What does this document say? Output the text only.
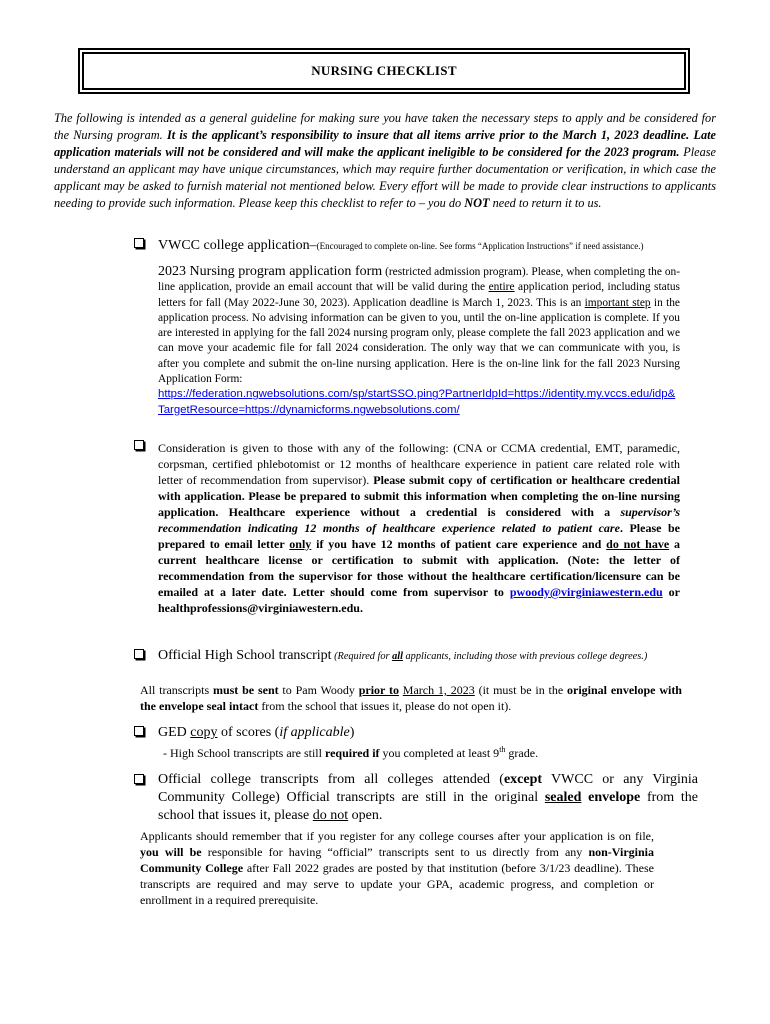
NURSING CHECKLIST
The following is intended as a general guideline for making sure you have taken the necessary steps to apply and be considered for the Nursing program. It is the applicant’s responsibility to insure that all items arrive prior to the March 1, 2023 deadline. Late application materials will not be considered and will make the applicant ineligible to be considered for the 2023 program. Please understand an applicant may have unique circumstances, which may require further documentation or verification, in which case the applicant may be asked to furnish material not mentioned below. Every effort will be made to provide clear instructions to applicants needing to provide such information. Please keep this checklist to refer to – you do NOT need to return it to us.
VWCC college application–(Encouraged to complete on-line. See forms “Application Instructions” if need assistance.)
2023 Nursing program application form (restricted admission program). Please, when completing the on-line application, provide an email account that will be valid during the entire application period, including status letters for fall (May 2022-June 30, 2023). Application deadline is March 1, 2023. This is an important step in the application process. No advising information can be given to you, until the on-line application is complete. If you are interested in applying for the fall 2024 nursing program only, please complete the fall 2023 application and we can move your academic file for fall 2024 consideration. The only way that we can communicate with you, is after you complete and submit the on-line nursing application. Here is the on-line link for the fall 2023 Nursing Application Form:
https://federation.ngwebsolutions.com/sp/startSSO.ping?PartnerIdpId=https://identity.my.vccs.edu/idp&TargetResource=https://dynamicforms.ngwebsolutions.com/
Consideration is given to those with any of the following: (CNA or CCMA credential, EMT, paramedic, corpsman, certified phlebotomist or 12 months of healthcare experience in patient care related role with letter of recommendation from supervisor). Please submit copy of certification or healthcare credential with application. Please be prepared to submit this information when completing the on-line nursing application. Healthcare experience without a credential is considered with a supervisor’s recommendation indicating 12 months of healthcare experience related to patient care. Please be prepared to email letter only if you have 12 months of patient care experience and do not have a current healthcare license or certification to submit with application. (Note: the letter of recommendation from the supervisor for those without the healthcare certification/licensure can be emailed at a later date. Letter should come from supervisor to pwoody@virginiawestern.edu or healthprofessions@virginiawestern.edu.
Official High School transcript (Required for all applicants, including those with previous college degrees.)
All transcripts must be sent to Pam Woody prior to March 1, 2023 (it must be in the original envelope with the envelope seal intact from the school that issues it, please do not open it).
GED copy of scores (if applicable)
- High School transcripts are still required if you completed at least 9th grade.
Official college transcripts from all colleges attended (except VWCC or any Virginia Community College) Official transcripts are still in the original sealed envelope from the school that issues it, please do not open.
Applicants should remember that if you register for any college courses after your application is on file, you will be responsible for having “official” transcripts sent to us directly from any non-Virginia Community College after Fall 2022 grades are posted by that institution (before 3/1/23 deadline). These transcripts are required and may serve to update your GPA, academic progress, and completion or enrollment in a required prerequisite.
